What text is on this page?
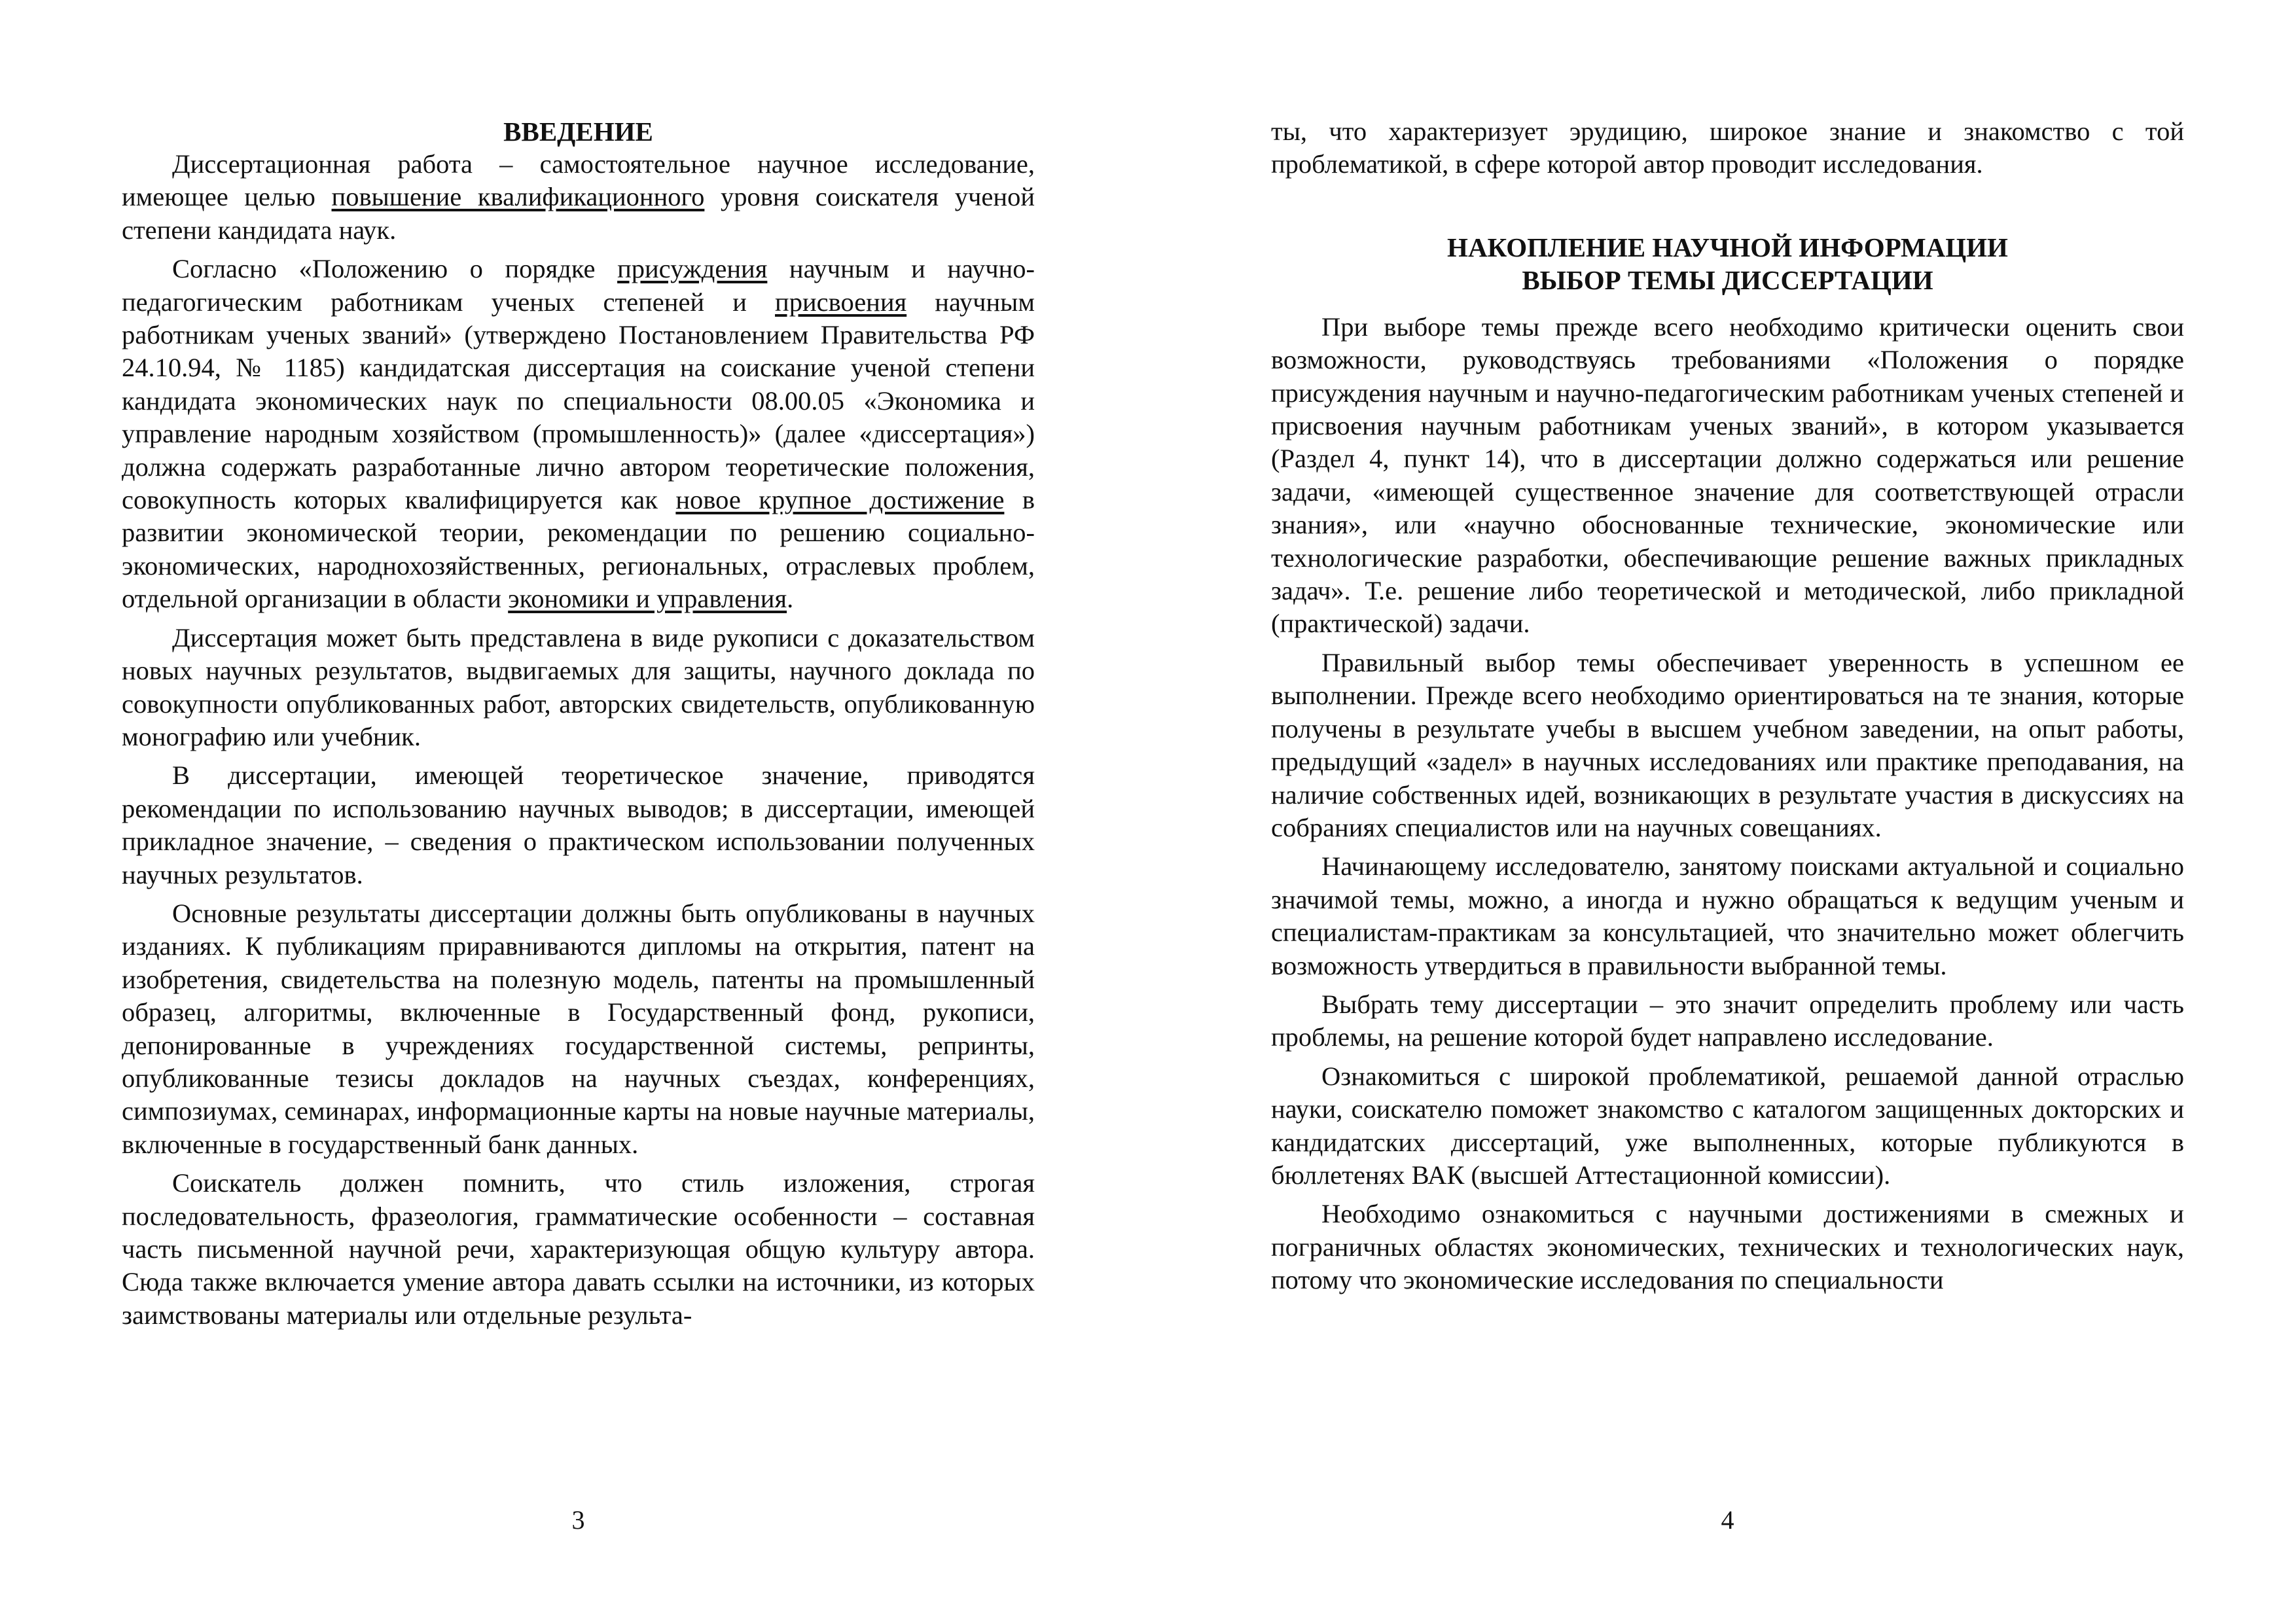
ВВЕДЕНИЕ

Диссертационная работа – самостоятельное научное исследование, имеющее целью повышение квалификационного уровня соискателя ученой степени кандидата наук.

Согласно «Положению о порядке присуждения научным и научно-педагогическим работникам ученых степеней и присвоения научным работникам ученых званий» (утверждено Постановлением Правительства РФ 24.10.94, № 1185) кандидатская диссертация на соискание ученой степени кандидата экономических наук по специальности 08.00.05 «Экономика и управление народным хозяйством (промышленность)» (далее «диссертация») должна содержать разработанные лично автором теоретические положения, совокупность которых квалифицируется как новое крупное достижение в развитии экономической теории, рекомендации по решению социально-экономических, народнохозяйственных, региональных, отраслевых проблем, отдельной организации в области экономики и управления.

Диссертация может быть представлена в виде рукописи с доказательством новых научных результатов, выдвигаемых для защиты, научного доклада по совокупности опубликованных работ, авторских свидетельств, опубликованную монографию или учебник.

В диссертации, имеющей теоретическое значение, приводятся рекомендации по использованию научных выводов; в диссертации, имеющей прикладное значение, – сведения о практическом использовании полученных научных результатов.

Основные результаты диссертации должны быть опубликованы в научных изданиях. К публикациям приравниваются дипломы на открытия, патент на изобретения, свидетельства на полезную модель, патенты на промышленный образец, алгоритмы, включенные в Государственный фонд, рукописи, депонированные в учреждениях государственной системы, репринты, опубликованные тезисы докладов на научных съездах, конференциях, симпозиумах, семинарах, информационные карты на новые научные материалы, включенные в государственный банк данных.

Соискатель должен помнить, что стиль изложения, строгая последовательность, фразеология, грамматические особенности – составная часть письменной научной речи, характеризующая общую культуру автора. Сюда также включается умение автора давать ссылки на источники, из которых заимствованы материалы или отдельные результа-

3

ты, что характеризует эрудицию, широкое знание и знакомство с той проблематикой, в сфере которой автор проводит исследования.

НАКОПЛЕНИЕ НАУЧНОЙ ИНФОРМАЦИИ
ВЫБОР ТЕМЫ ДИССЕРТАЦИИ

При выборе темы прежде всего необходимо критически оценить свои возможности, руководствуясь требованиями «Положения о порядке присуждения научным и научно-педагогическим работникам ученых степеней и присвоения научным работникам ученых званий», в котором указывается (Раздел 4, пункт 14), что в диссертации должно содержаться или решение задачи, «имеющей существенное значение для соответствующей отрасли знания», или «научно обоснованные технические, экономические или технологические разработки, обеспечивающие решение важных прикладных задач». Т.е. решение либо теоретической и методической, либо прикладной (практической) задачи.

Правильный выбор темы обеспечивает уверенность в успешном ее выполнении. Прежде всего необходимо ориентироваться на те знания, которые получены в результате учебы в высшем учебном заведении, на опыт работы, предыдущий «задел» в научных исследованиях или практике преподавания, на наличие собственных идей, возникающих в результате участия в дискуссиях на собраниях специалистов или на научных совещаниях.

Начинающему исследователю, занятому поисками актуальной и социально значимой темы, можно, а иногда и нужно обращаться к ведущим ученым и специалистам-практикам за консультацией, что значительно может облегчить возможность утвердиться в правильности выбранной темы.

Выбрать тему диссертации – это значит определить проблему или часть проблемы, на решение которой будет направлено исследование.

Ознакомиться с широкой проблематикой, решаемой данной отраслью науки, соискателю поможет знакомство с каталогом защищенных докторских и кандидатских диссертаций, уже выполненных, которые публикуются в бюллетенях ВАК (высшей Аттестационной комиссии).

Необходимо ознакомиться с научными достижениями в смежных и пограничных областях экономических, технических и технологических наук, потому что экономические исследования по специальности

4
